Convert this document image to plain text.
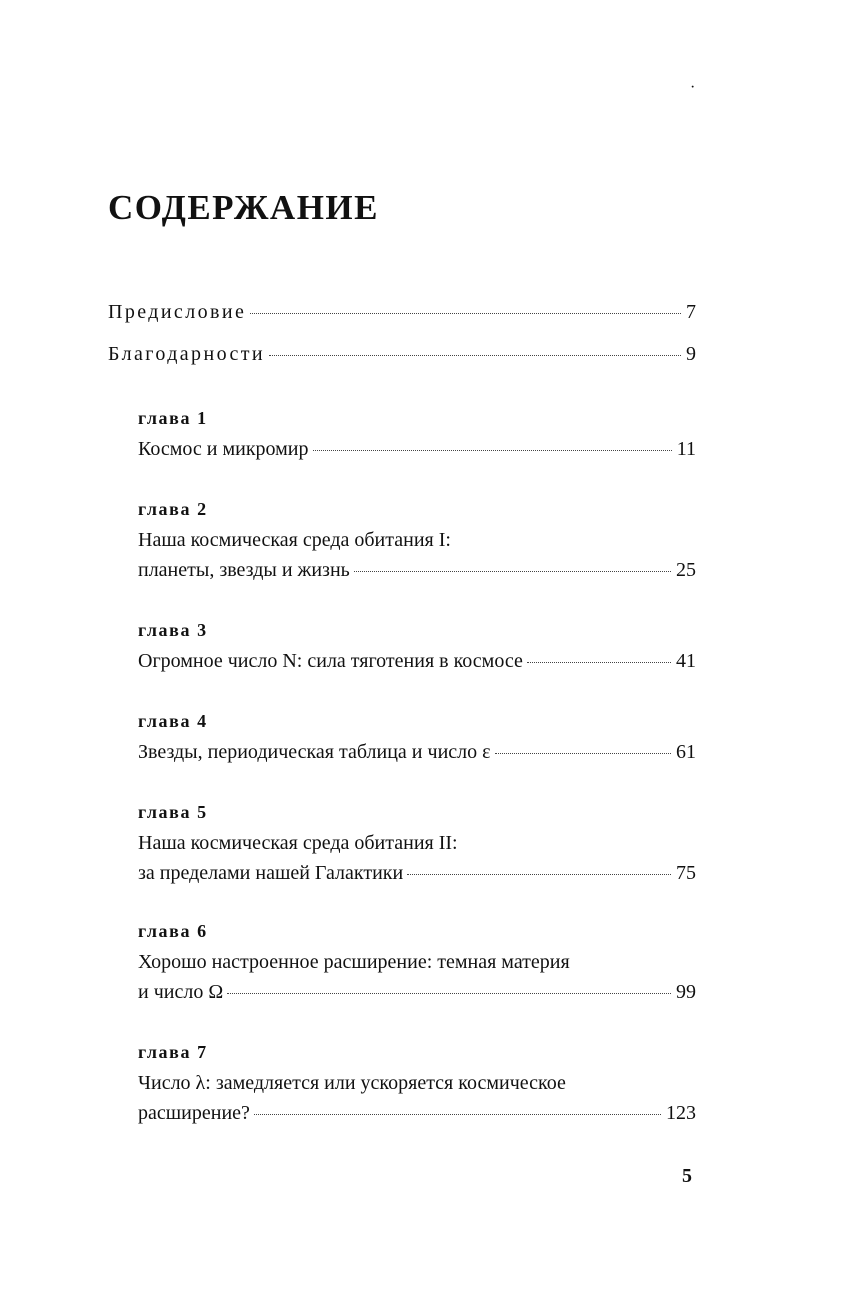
·
СОДЕРЖАНИЕ
Предисловие	7
Благодарности	9
глава 1
Космос и микромир	11
глава 2
Наша космическая среда обитания I:
планеты, звезды и жизнь	25
глава 3
Огромное число N: сила тяготения в космосе	41
глава 4
Звезды, периодическая таблица и число ε	61
глава 5
Наша космическая среда обитания II:
за пределами нашей Галактики	75
глава 6
Хорошо настроенное расширение: темная материя
и число Ω	99
глава 7
Число λ: замедляется или ускоряется космическое
расширение?	123
5
